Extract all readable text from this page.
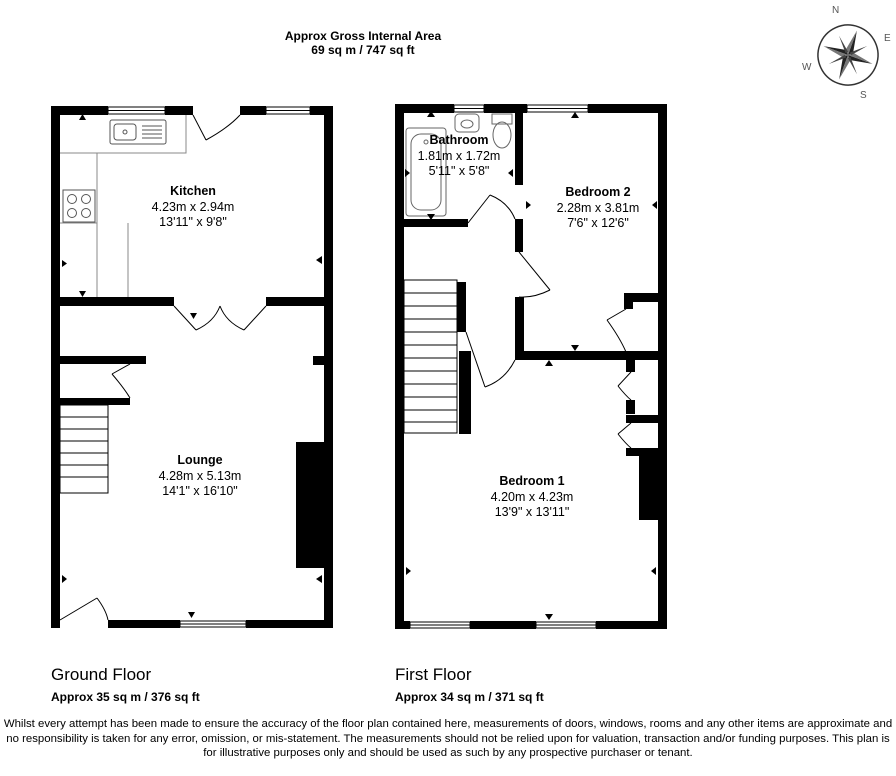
N
E
S
W
Approx Gross Internal Area
69 sq m / 747 sq ft
Kitchen
4.23m x 2.94m
13'11" x 9'8"
Lounge
4.28m x 5.13m
14'1" x 16'10"
Bathroom
1.81m x 1.72m
5'11" x 5'8"
Bedroom 2
2.28m x 3.81m
7'6" x 12'6"
Bedroom 1
4.20m x 4.23m
13'9" x 13'11"
Ground Floor
Approx 35 sq m / 376 sq ft
First Floor
Approx 34 sq m / 371 sq ft
Whilst every attempt has been made to ensure the accuracy of the floor plan contained here, measurements of doors, windows, rooms and any other items are approximate and no responsibility is taken for any error, omission, or mis-statement. The measurements should not be relied upon for valuation, transaction and/or funding purposes. This plan is for illustrative purposes only and should be used as such by any prospective purchaser or tenant.
